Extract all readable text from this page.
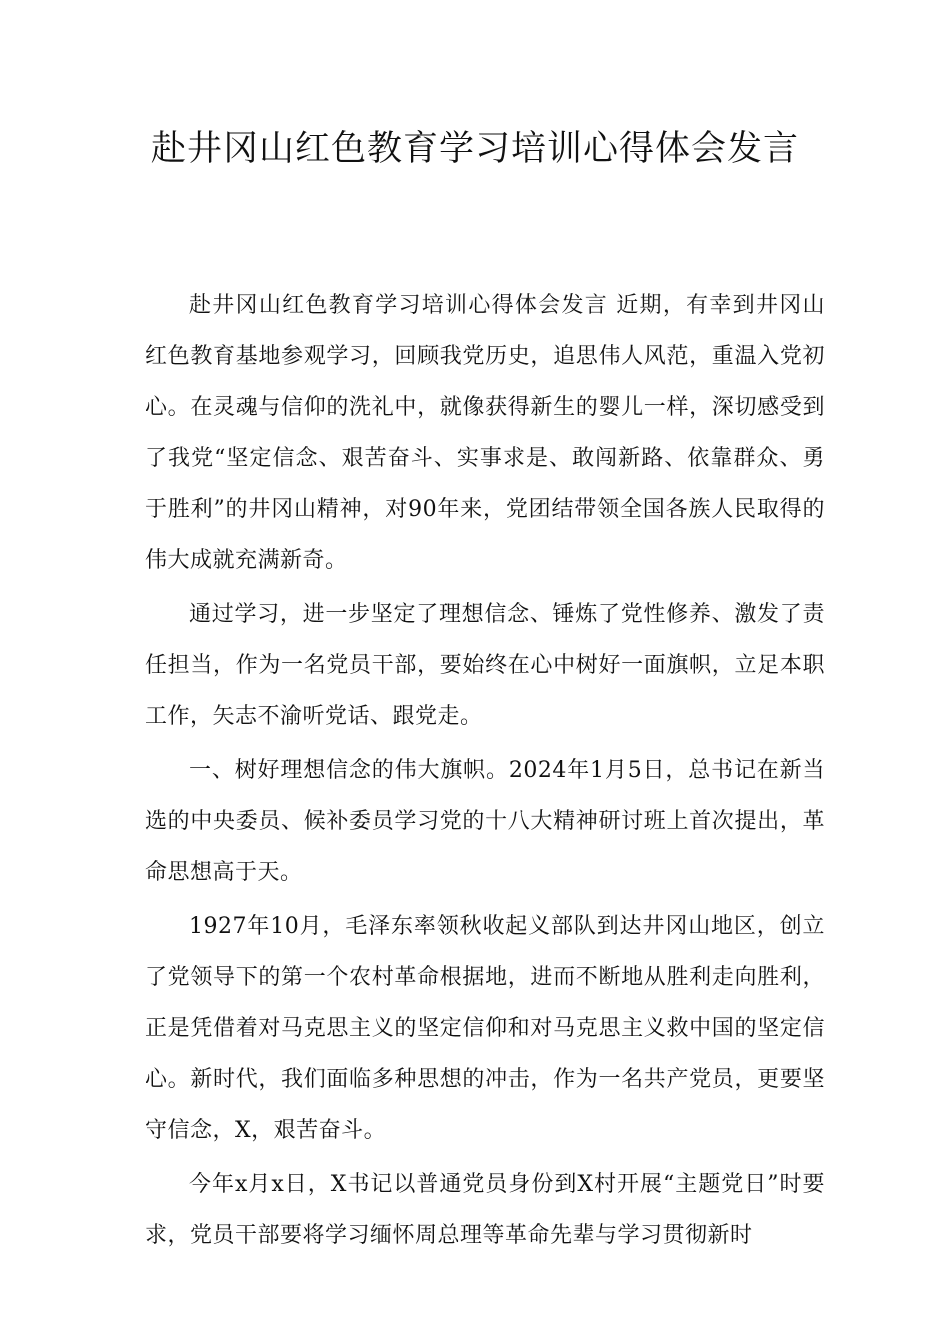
赴井冈山红色教育学习培训心得体会发言

赴井冈山红色教育学习培训心得体会发言 近期，有幸到井冈山红色教育基地参观学习，回顾我党历史，追思伟人风范，重温入党初心。在灵魂与信仰的洗礼中，就像获得新生的婴儿一样，深切感受到了我党“坚定信念、艰苦奋斗、实事求是、敢闯新路、依靠群众、勇于胜利”的井冈山精神，对90年来，党团结带领全国各族人民取得的伟大成就充满新奇。

通过学习，进一步坚定了理想信念、锤炼了党性修养、激发了责任担当，作为一名党员干部，要始终在心中树好一面旗帜，立足本职工作，矢志不渝听党话、跟党走。

一、树好理想信念的伟大旗帜。2024年1月5日，总书记在新当选的中央委员、候补委员学习党的十八大精神研讨班上首次提出，革命思想高于天。

1927年10月，毛泽东率领秋收起义部队到达井冈山地区，创立了党领导下的第一个农村革命根据地，进而不断地从胜利走向胜利，正是凭借着对马克思主义的坚定信仰和对马克思主义救中国的坚定信心。新时代，我们面临多种思想的冲击，作为一名共产党员，更要坚守信念，X，艰苦奋斗。

今年x月x日，X书记以普通党员身份到X村开展“主题党日”时要求，党员干部要将学习缅怀周总理等革命先辈与学习贯彻新时
